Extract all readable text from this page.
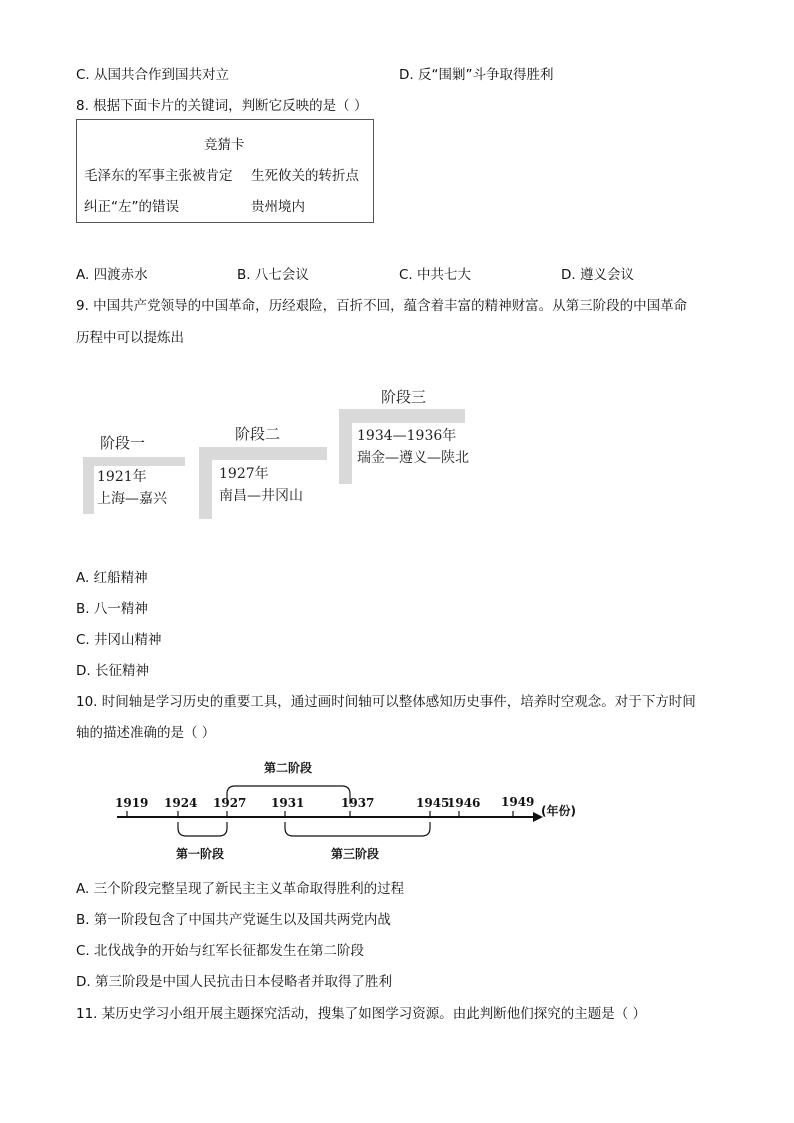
C. 从国共合作到国共对立	D. 反“围剿”斗争取得胜利
8. 根据下面卡片的关键词，判断它反映的是（ ）
竞猜卡
毛泽东的军事主张被肯定 生死攸关的转折点
纠正“左”的错误	贵州境内
A. 四渡赤水	B. 八七会议	C. 中共七大	D. 遵义会议
9. 中国共产党领导的中国革命，历经艰险，百折不回，蕴含着丰富的精神财富。从第三阶段的中国革命
历程中可以提炼出
阶段一
1921年
上海—嘉兴
阶段二
1927年
南昌—井冈山
阶段三
1934—1936年
瑞金—遵义—陕北
A. 红船精神
B. 八一精神
C. 井冈山精神
D. 长征精神
10. 时间轴是学习历史的重要工具，通过画时间轴可以整体感知历史事件，培养时空观念。对于下方时间
轴的描述准确的是（ ）
1919 1924 1927 1931	1937	1945
1946 1949
(年份)
第二阶段
第一阶段	第三阶段
A. 三个阶段完整呈现了新民主主义革命取得胜利的过程
B. 第一阶段包含了中国共产党诞生以及国共两党内战
C. 北伐战争的开始与红军长征都发生在第二阶段
D. 第三阶段是中国人民抗击日本侵略者并取得了胜利
11. 某历史学习小组开展主题探究活动，搜集了如图学习资源。由此判断他们探究的主题是（ ）
